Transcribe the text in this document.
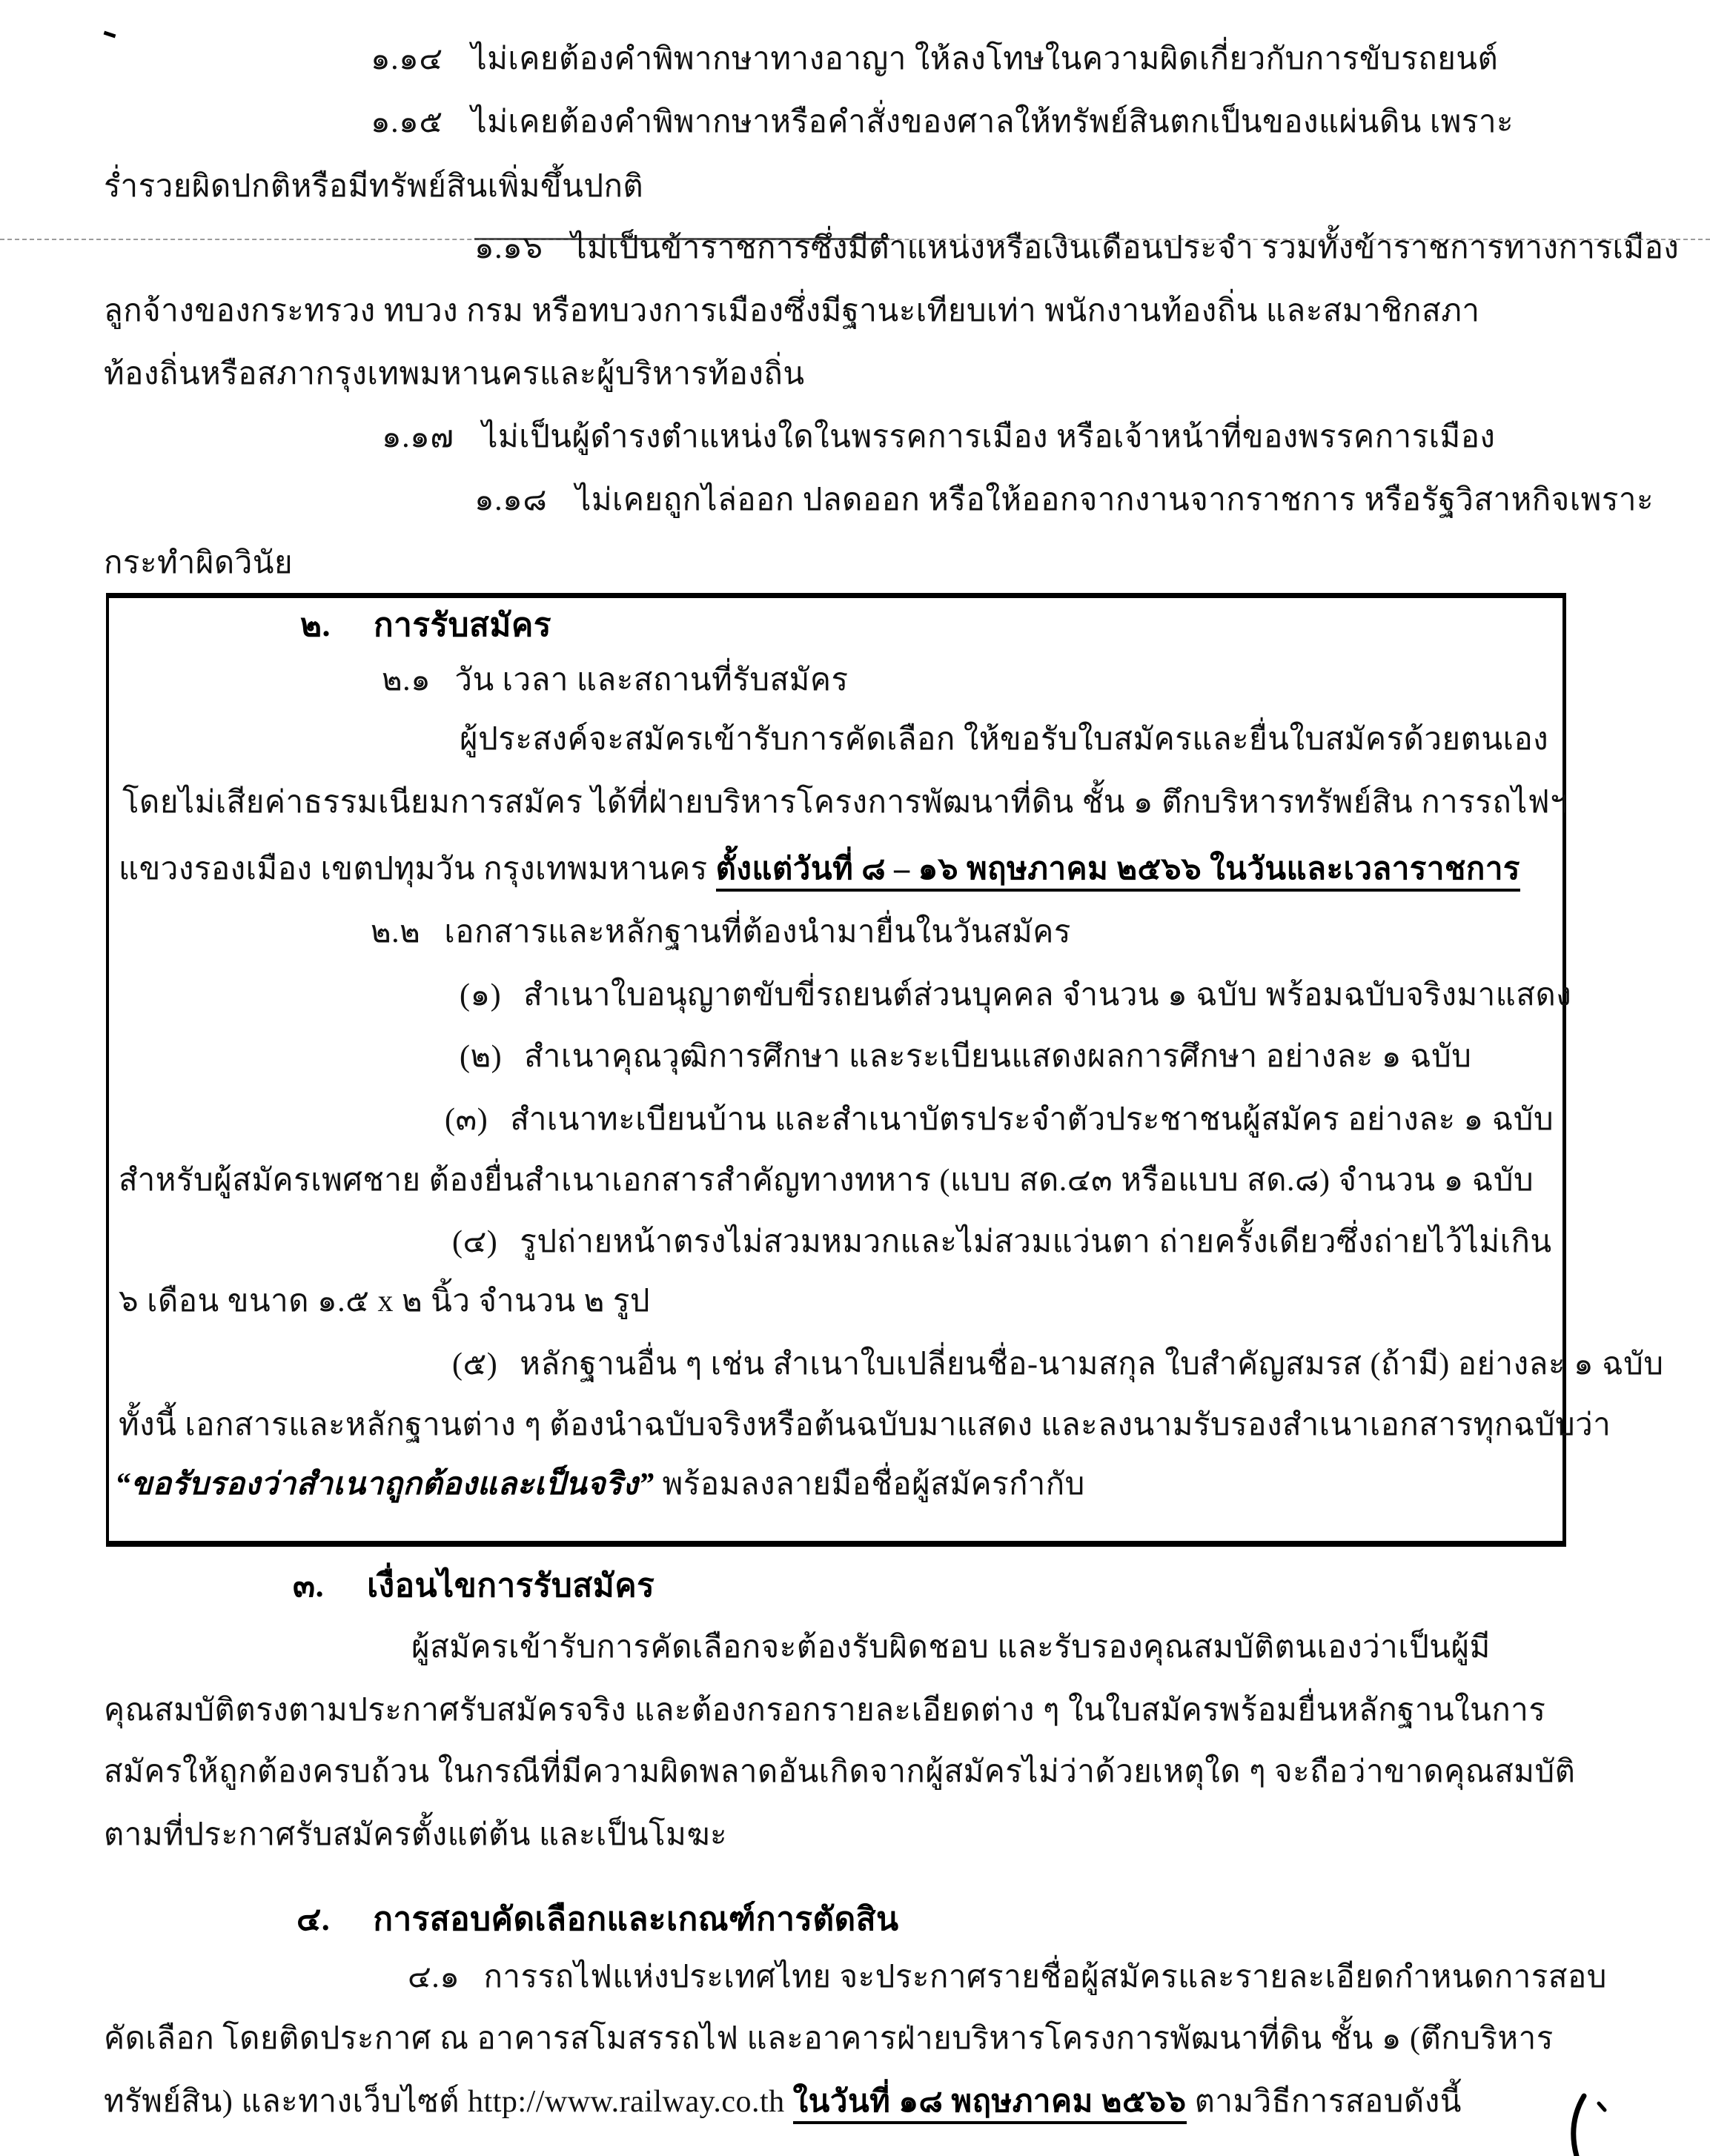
๑.๑๔ ไม่เคยต้องคำพิพากษาทางอาญา ให้ลงโทษในความผิดเกี่ยวกับการขับรถยนต์
๑.๑๕ ไม่เคยต้องคำพิพากษาหรือคำสั่งของศาลให้ทรัพย์สินตกเป็นของแผ่นดิน เพราะ
ร่ำรวยผิดปกติหรือมีทรัพย์สินเพิ่มขึ้นปกติ
๑.๑๖ ไม่เป็นข้าราชการซึ่งมีตำแหน่งหรือเงินเดือนประจำ รวมทั้งข้าราชการทางการเมือง
ลูกจ้างของกระทรวง ทบวง กรม หรือทบวงการเมืองซึ่งมีฐานะเทียบเท่า พนักงานท้องถิ่น และสมาชิกสภา
ท้องถิ่นหรือสภากรุงเทพมหานครและผู้บริหารท้องถิ่น
๑.๑๗ ไม่เป็นผู้ดำรงตำแหน่งใดในพรรคการเมือง หรือเจ้าหน้าที่ของพรรคการเมือง
๑.๑๘ ไม่เคยถูกไล่ออก ปลดออก หรือให้ออกจากงานจากราชการ หรือรัฐวิสาหกิจเพราะ
กระทำผิดวินัย
๒. การรับสมัคร
๒.๑ วัน เวลา และสถานที่รับสมัคร
ผู้ประสงค์จะสมัครเข้ารับการคัดเลือก ให้ขอรับใบสมัครและยื่นใบสมัครด้วยตนเอง
โดยไม่เสียค่าธรรมเนียมการสมัคร ได้ที่ฝ่ายบริหารโครงการพัฒนาที่ดิน ชั้น ๑ ตึกบริหารทรัพย์สิน การรถไฟฯ
แขวงรองเมือง เขตปทุมวัน กรุงเทพมหานคร ตั้งแต่วันที่ ๘ – ๑๖ พฤษภาคม ๒๕๖๖ ในวันและเวลาราชการ
๒.๒ เอกสารและหลักฐานที่ต้องนำมายื่นในวันสมัคร
(๑) สำเนาใบอนุญาตขับขี่รถยนต์ส่วนบุคคล จำนวน ๑ ฉบับ พร้อมฉบับจริงมาแสดง
(๒) สำเนาคุณวุฒิการศึกษา และระเบียนแสดงผลการศึกษา อย่างละ ๑ ฉบับ
(๓) สำเนาทะเบียนบ้าน และสำเนาบัตรประจำตัวประชาชนผู้สมัคร อย่างละ ๑ ฉบับ
สำหรับผู้สมัครเพศชาย ต้องยื่นสำเนาเอกสารสำคัญทางทหาร (แบบ สด.๔๓ หรือแบบ สด.๘) จำนวน ๑ ฉบับ
(๔) รูปถ่ายหน้าตรงไม่สวมหมวกและไม่สวมแว่นตา ถ่ายครั้งเดียวซึ่งถ่ายไว้ไม่เกิน
๖ เดือน ขนาด ๑.๕ x ๒ นิ้ว จำนวน ๒ รูป
(๕) หลักฐานอื่น ๆ เช่น สำเนาใบเปลี่ยนชื่อ-นามสกุล ใบสำคัญสมรส (ถ้ามี) อย่างละ ๑ ฉบับ
ทั้งนี้ เอกสารและหลักฐานต่าง ๆ ต้องนำฉบับจริงหรือต้นฉบับมาแสดง และลงนามรับรองสำเนาเอกสารทุกฉบับว่า
“ขอรับรองว่าสำเนาถูกต้องและเป็นจริง” พร้อมลงลายมือชื่อผู้สมัครกำกับ
๓. เงื่อนไขการรับสมัคร
ผู้สมัครเข้ารับการคัดเลือกจะต้องรับผิดชอบ และรับรองคุณสมบัติตนเองว่าเป็นผู้มี
คุณสมบัติตรงตามประกาศรับสมัครจริง และต้องกรอกรายละเอียดต่าง ๆ ในใบสมัครพร้อมยื่นหลักฐานในการ
สมัครให้ถูกต้องครบถ้วน ในกรณีที่มีความผิดพลาดอันเกิดจากผู้สมัครไม่ว่าด้วยเหตุใด ๆ จะถือว่าขาดคุณสมบัติ
ตามที่ประกาศรับสมัครตั้งแต่ต้น และเป็นโมฆะ
๔. การสอบคัดเลือกและเกณฑ์การตัดสิน
๔.๑ การรถไฟแห่งประเทศไทย จะประกาศรายชื่อผู้สมัครและรายละเอียดกำหนดการสอบ
คัดเลือก โดยติดประกาศ ณ อาคารสโมสรรถไฟ และอาคารฝ่ายบริหารโครงการพัฒนาที่ดิน ชั้น ๑ (ตึกบริหาร
ทรัพย์สิน) และทางเว็บไซต์ http://www.railway.co.th ในวันที่ ๑๘ พฤษภาคม ๒๕๖๖ ตามวิธีการสอบดังนี้
